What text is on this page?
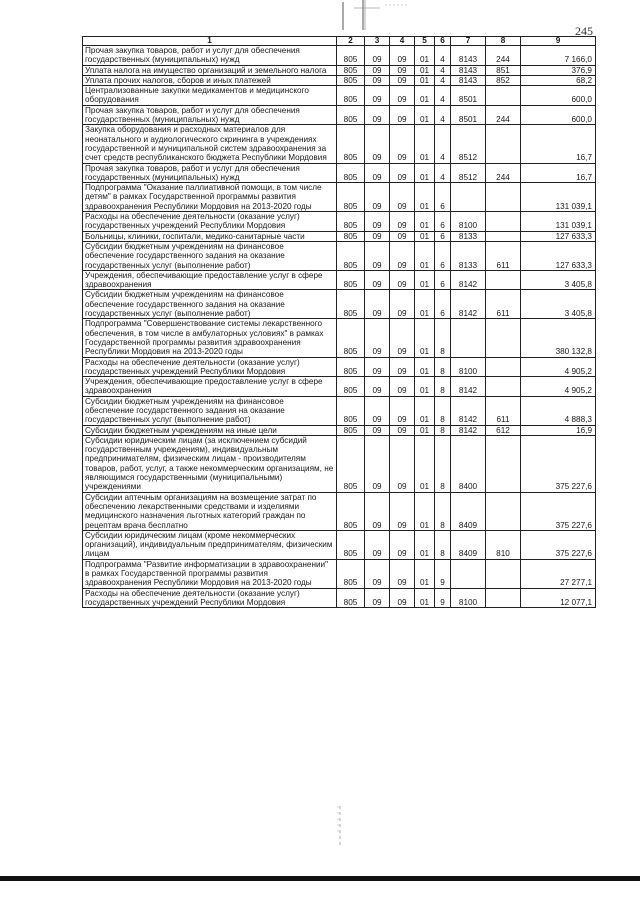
245
1	2	3	4	5	6	7	8	9
Прочая закупка товаров, работ и услуг для обеспечения государственных (муниципальных) нужд	805	09	09	01	4	8143	244	7 166,0
Уплата налога на имущество организаций и земельного налога	805	09	09	01	4	8143	851	376,9
Уплата прочих налогов, сборов и иных платежей	805	09	09	01	4	8143	852	68,2
Централизованные закупки медикаментов и медицинского оборудования	805	09	09	01	4	8501		600,0
Прочая закупка товаров, работ и услуг для обеспечения государственных (муниципальных) нужд	805	09	09	01	4	8501	244	600,0
Закупка оборудования и расходных материалов для неонатального и аудиологического скрининга в учреждениях государственной и муниципальной систем здравоохранения за счет средств республиканского бюджета Республики Мордовия	805	09	09	01	4	8512		16,7
Прочая закупка товаров, работ и услуг для обеспечения государственных (муниципальных) нужд	805	09	09	01	4	8512	244	16,7
Подпрограмма "Оказание паллиативной помощи, в том числе детям" в рамках Государственной программы развития здравоохранения Республики Мордовия на 2013-2020 годы	805	09	09	01	6			131 039,1
Расходы на обеспечение деятельности (оказание услуг) государственных учреждений Республики Мордовия	805	09	09	01	6	8100		131 039,1
Больницы, клиники, госпитали, медико-санитарные части	805	09	09	01	6	8133		127 633,3
Субсидии бюджетным учреждениям на финансовое обеспечение государственного задания на оказание государственных услуг (выполнение работ)	805	09	09	01	6	8133	611	127 633,3
Учреждения, обеспечивающие предоставление услуг в сфере здравоохранения	805	09	09	01	6	8142		3 405,8
Субсидии бюджетным учреждениям на финансовое обеспечение государственного задания на оказание государственных услуг (выполнение работ)	805	09	09	01	6	8142	611	3 405,8
Подпрограмма "Совершенствование системы лекарственного обеспечения, в том числе в амбулаторных условиях" в рамках Государственной программы развития здравоохранения Республики Мордовия на 2013-2020 годы	805	09	09	01	8			380 132,8
Расходы на обеспечение деятельности (оказание услуг) государственных учреждений Республики Мордовия	805	09	09	01	8	8100		4 905,2
Учреждения, обеспечивающие предоставление услуг в сфере здравоохранения	805	09	09	01	8	8142		4 905,2
Субсидии бюджетным учреждениям на финансовое обеспечение государственного задания на оказание государственных услуг (выполнение работ)	805	09	09	01	8	8142	611	4 888,3
Субсидии бюджетным учреждениям на иные цели	805	09	09	01	8	8142	612	16,9
Субсидии юридическим лицам (за исключением субсидий государственным учреждениям), индивидуальным предпринимателям, физическим лицам - производителям товаров, работ, услуг, а также некоммерческим организациям, не являющимся государственными (муниципальными) учреждениями	805	09	09	01	8	8400		375 227,6
Субсидии аптечным организациям на возмещение затрат по обеспечению лекарственными средствами и изделиями медицинского назначения льготных категорий граждан по рецептам врача бесплатно	805	09	09	01	8	8409		375 227,6
Субсидии юридическим лицам (кроме некоммерческих организаций), индивидуальным предпринимателям, физическим лицам	805	09	09	01	8	8409	810	375 227,6
Подпрограмма "Развитие информатизации в здравоохранении" в рамках Государственной программы развития здравоохранения Республики Мордовия на 2013-2020 годы	805	09	09	01	9			27 277,1
Расходы на обеспечение деятельности (оказание услуг) государственных учреждений Республики Мордовия	805	09	09	01	9	8100		12 077,1
